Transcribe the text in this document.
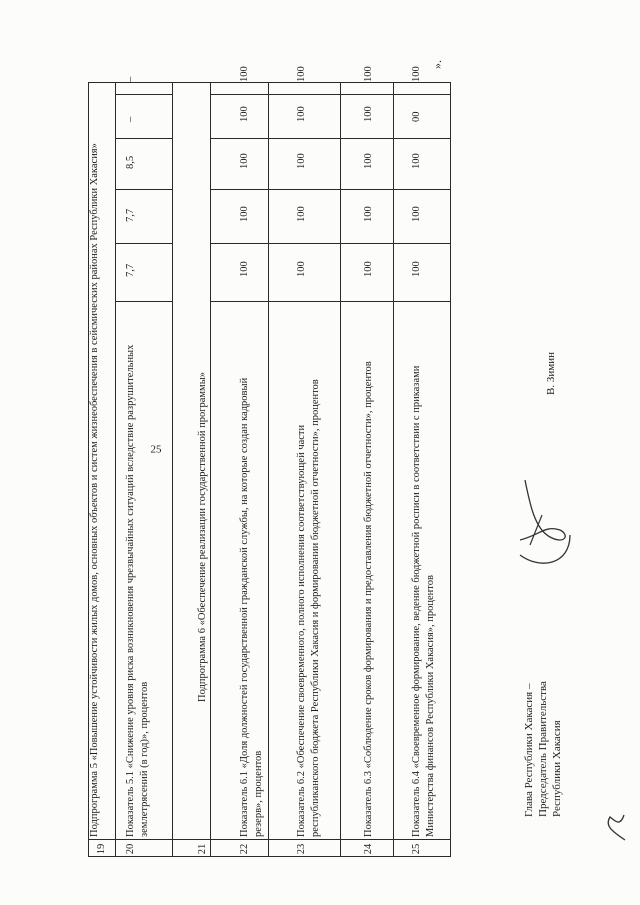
25
19
Подпрограмма 5 «Повышение устойчивости жилых домов, основных объектов и систем жизнеобеспечения в сейсмических районах Республики Хакасия»
20
Показатель 5.1 «Снижение уровня риска возникновения чрезвычайных ситуаций вследствие разрушительных землетрясений (в год)», процентов
7,7
7,7
8,5
–
–
21
Подпрограмма 6 «Обеспечение реализации государственной программы»
22
Показатель 6.1 «Доля должностей государственной гражданской службы, на которые создан кадровый резерв», процентов
100
100
100
100
100
23
Показатель 6.2 «Обеспечение своевременного, полного исполнения соответствующей части республиканского бюджета Республики Хакасия и формировании бюджетной отчетности», процентов
100
100
100
100
100
24
Показатель 6.3 «Соблюдение сроков формирования и предоставления бюджетной отчетности», процентов
100
100
100
100
100
25
Показатель 6.4 «Своевременное формирование, ведение бюджетной росписи в соответствии с приказами Министерства финансов Республики Хакасия», процентов
100
100
100
00
100
».
Глава Республики Хакасия – Председатель Правительства Республики Хакасия
В. Зимин
